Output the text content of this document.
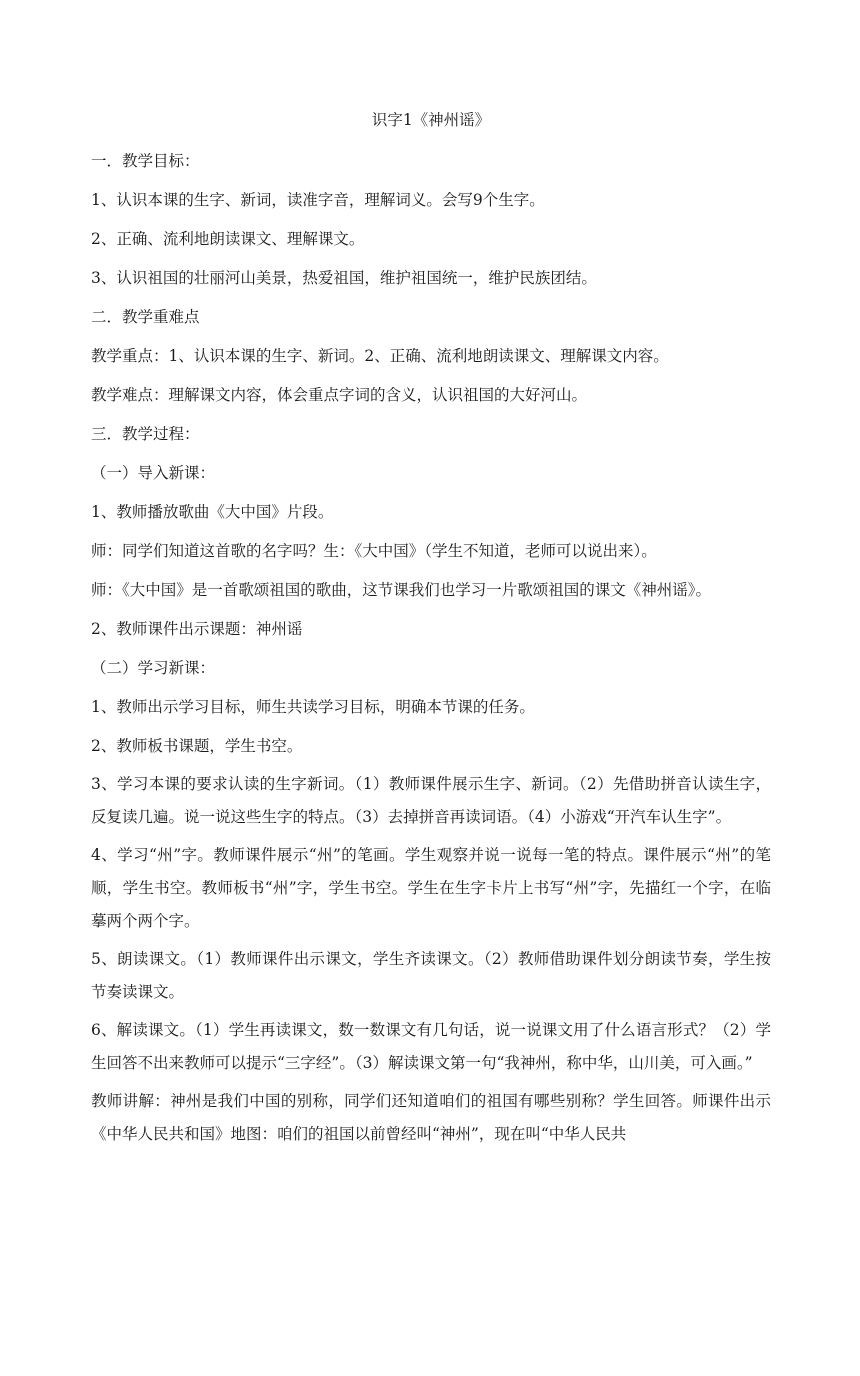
识字1《神州谣》

一．教学目标：

1、认识本课的生字、新词，读准字音，理解词义。会写9个生字。

2、正确、流利地朗读课文、理解课文。

3、认识祖国的壮丽河山美景，热爱祖国，维护祖国统一，维护民族团结。

二．教学重难点

教学重点：1、认识本课的生字、新词。2、正确、流利地朗读课文、理解课文内容。

教学难点：理解课文内容，体会重点字词的含义，认识祖国的大好河山。

三．教学过程：

（一）导入新课：

1、教师播放歌曲《大中国》片段。

师：同学们知道这首歌的名字吗？生：《大中国》（学生不知道，老师可以说出来）。

师：《大中国》是一首歌颂祖国的歌曲，这节课我们也学习一片歌颂祖国的课文《神州谣》。

2、教师课件出示课题：神州谣

（二）学习新课：

1、教师出示学习目标，师生共读学习目标，明确本节课的任务。

2、教师板书课题，学生书空。

3、学习本课的要求认读的生字新词。（1）教师课件展示生字、新词。（2）先借助拼音认读生字，反复读几遍。说一说这些生字的特点。（3）去掉拼音再读词语。（4）小游戏“开汽车认生字”。

4、学习“州”字。教师课件展示“州”的笔画。学生观察并说一说每一笔的特点。课件展示“州”的笔顺，学生书空。教师板书“州”字，学生书空。学生在生字卡片上书写“州”字，先描红一个字，在临摹两个两个字。

5、朗读课文。（1）教师课件出示课文，学生齐读课文。（2）教师借助课件划分朗读节奏，学生按节奏读课文。

6、解读课文。（1）学生再读课文，数一数课文有几句话，说一说课文用了什么语言形式？（2）学生回答不出来教师可以提示“三字经”。（3）解读课文第一句“我神州，称中华，山川美，可入画。”

教师讲解：神州是我们中国的别称，同学们还知道咱们的祖国有哪些别称？学生回答。师课件出示《中华人民共和国》地图：咱们的祖国以前曾经叫“神州”，现在叫“中华人民共
